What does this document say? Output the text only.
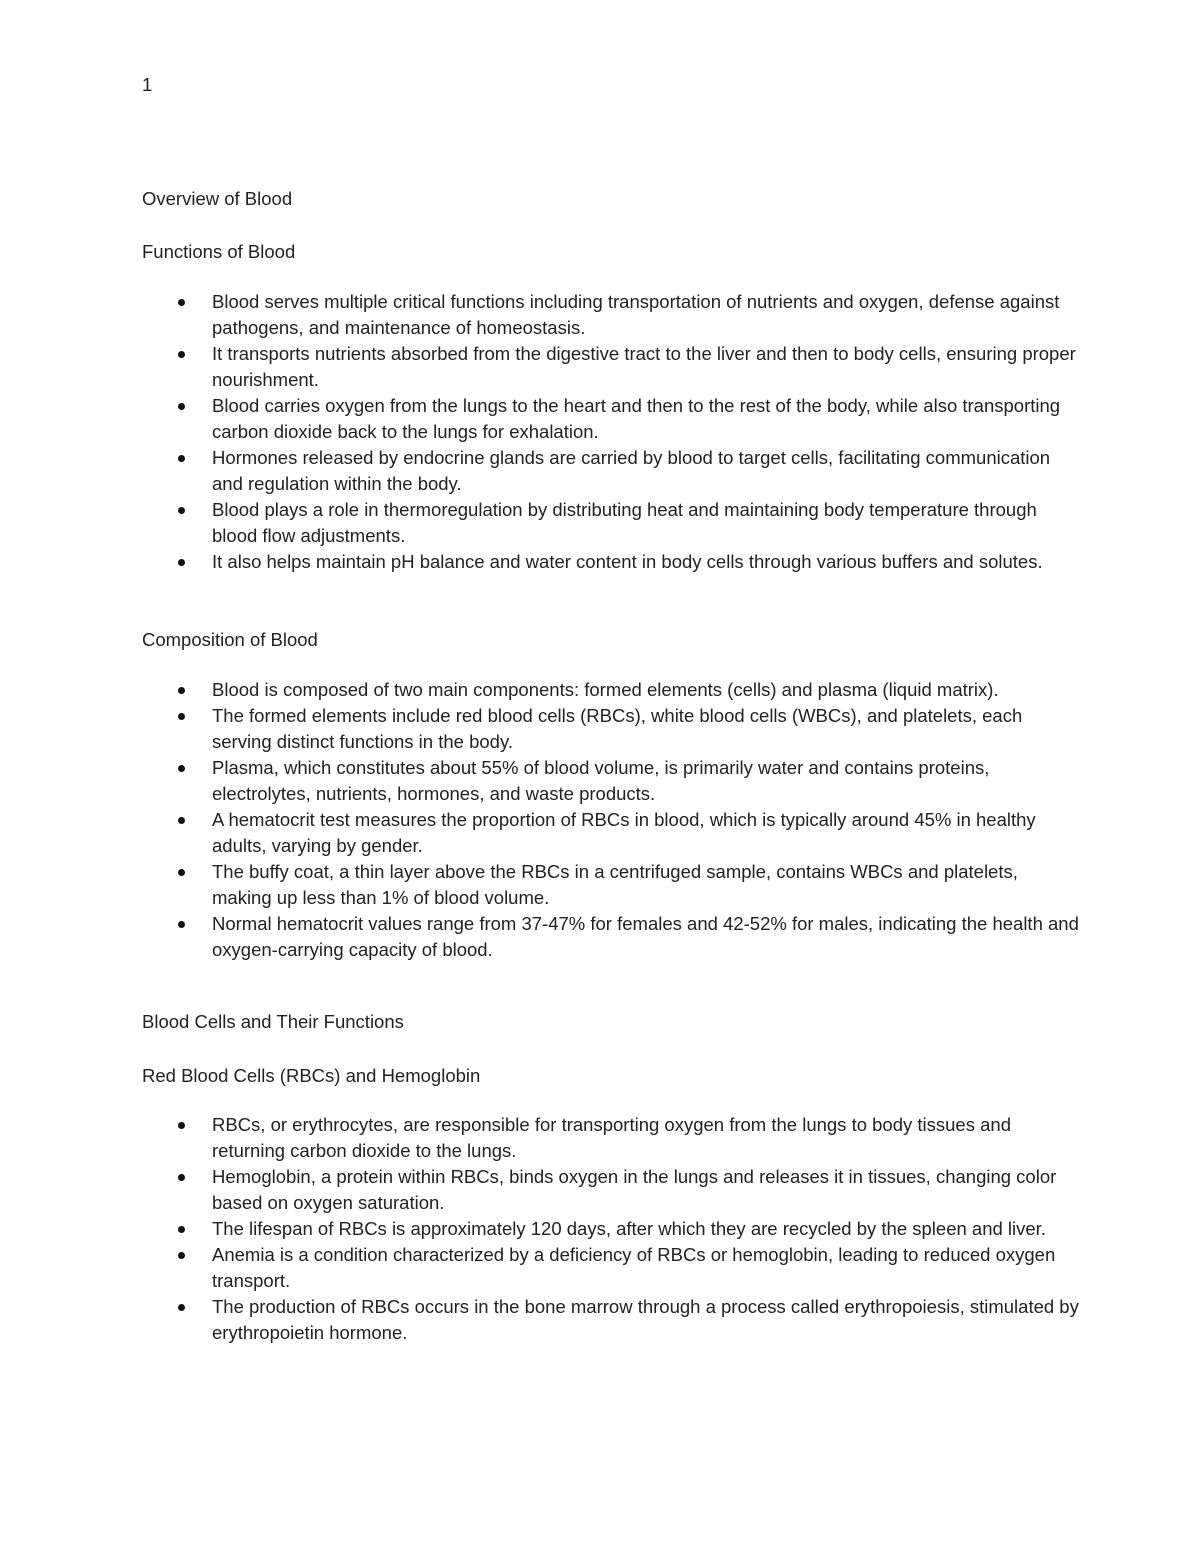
1
Overview of Blood
Functions of Blood
Blood serves multiple critical functions including transportation of nutrients and oxygen, defense against pathogens, and maintenance of homeostasis.
It transports nutrients absorbed from the digestive tract to the liver and then to body cells, ensuring proper nourishment.
Blood carries oxygen from the lungs to the heart and then to the rest of the body, while also transporting carbon dioxide back to the lungs for exhalation.
Hormones released by endocrine glands are carried by blood to target cells, facilitating communication and regulation within the body.
Blood plays a role in thermoregulation by distributing heat and maintaining body temperature through blood flow adjustments.
It also helps maintain pH balance and water content in body cells through various buffers and solutes.
Composition of Blood
Blood is composed of two main components: formed elements (cells) and plasma (liquid matrix).
The formed elements include red blood cells (RBCs), white blood cells (WBCs), and platelets, each serving distinct functions in the body.
Plasma, which constitutes about 55% of blood volume, is primarily water and contains proteins, electrolytes, nutrients, hormones, and waste products.
A hematocrit test measures the proportion of RBCs in blood, which is typically around 45% in healthy adults, varying by gender.
The buffy coat, a thin layer above the RBCs in a centrifuged sample, contains WBCs and platelets, making up less than 1% of blood volume.
Normal hematocrit values range from 37-47% for females and 42-52% for males, indicating the health and oxygen-carrying capacity of blood.
Blood Cells and Their Functions
Red Blood Cells (RBCs) and Hemoglobin
RBCs, or erythrocytes, are responsible for transporting oxygen from the lungs to body tissues and returning carbon dioxide to the lungs.
Hemoglobin, a protein within RBCs, binds oxygen in the lungs and releases it in tissues, changing color based on oxygen saturation.
The lifespan of RBCs is approximately 120 days, after which they are recycled by the spleen and liver.
Anemia is a condition characterized by a deficiency of RBCs or hemoglobin, leading to reduced oxygen transport.
The production of RBCs occurs in the bone marrow through a process called erythropoiesis, stimulated by erythropoietin hormone.
